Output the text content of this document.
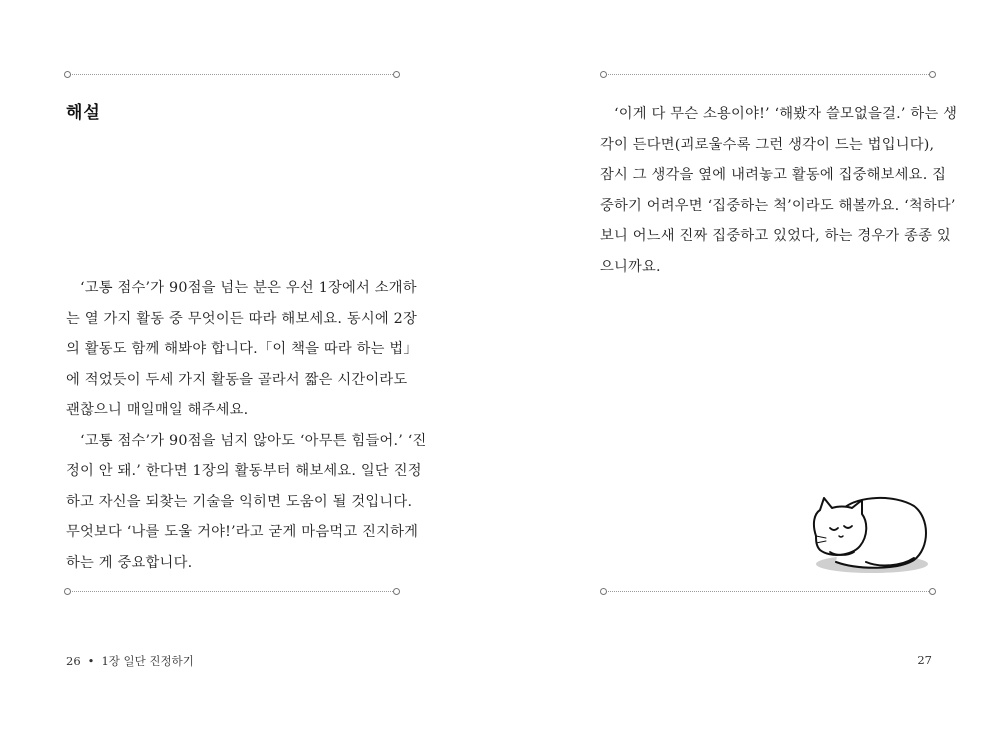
해설

‘고통 점수’가 90점을 넘는 분은 우선 1장에서 소개하
는 열 가지 활동 중 무엇이든 따라 해보세요. 동시에 2장
의 활동도 함께 해봐야 합니다.「이 책을 따라 하는 법」
에 적었듯이 두세 가지 활동을 골라서 짧은 시간이라도
괜찮으니 매일매일 해주세요.

‘고통 점수’가 90점을 넘지 않아도 ‘아무튼 힘들어.’ ‘진
정이 안 돼.’ 한다면 1장의 활동부터 해보세요. 일단 진정
하고 자신을 되찾는 기술을 익히면 도움이 될 것입니다.
무엇보다 ‘나를 도울 거야!’라고 굳게 마음먹고 진지하게
하는 게 중요합니다.

26 • 1장 일단 진정하기	27

‘이게 다 무슨 소용이야!’ ‘해봤자 쓸모없을걸.’ 하는 생
각이 든다면(괴로울수록 그런 생각이 드는 법입니다),
잠시 그 생각을 옆에 내려놓고 활동에 집중해보세요. 집
중하기 어려우면 ‘집중하는 척’이라도 해볼까요. ‘척하다’
보니 어느새 진짜 집중하고 있었다, 하는 경우가 종종 있
으니까요.
